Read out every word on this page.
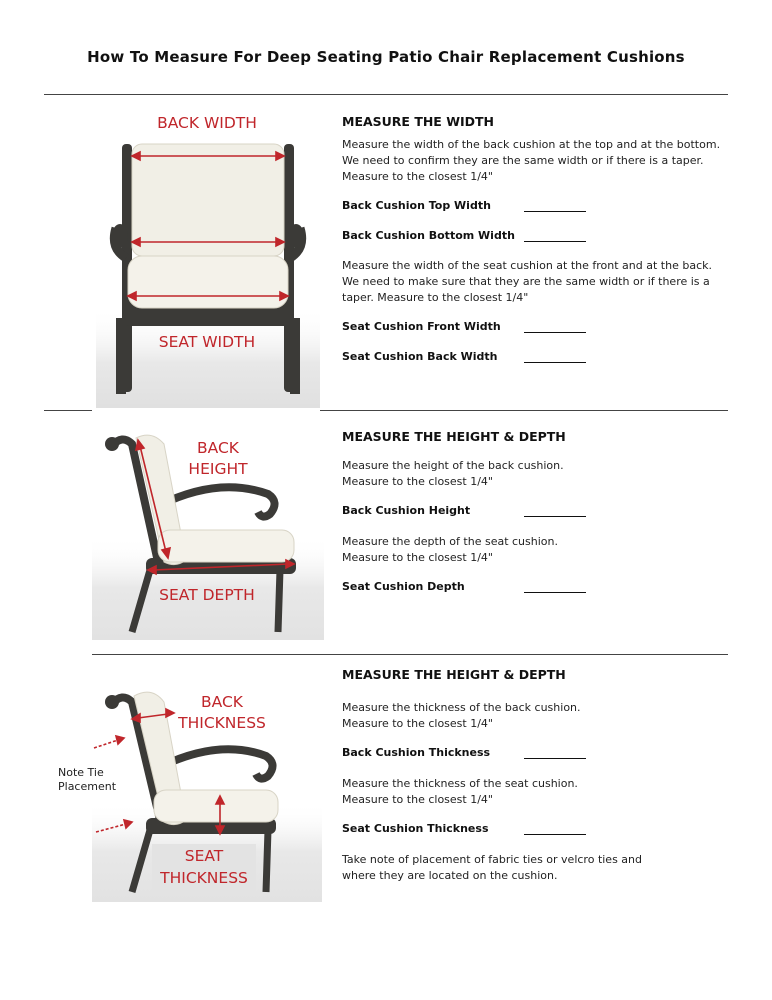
How To Measure For Deep Seating Patio Chair Replacement Cushions
BACK WIDTH
SEAT WIDTH
MEASURE THE WIDTH
Measure the width of the back cushion at the top and at the bottom. We need to confirm they are the same width or if there is a taper. Measure to the closest 1/4"
Back Cushion Top Width
Back Cushion Bottom Width
Measure the width of the seat cushion at the front and at the back. We need to make sure that they are the same width or if there is a taper. Measure to the closest 1/4"
Seat Cushion Front Width
Seat Cushion Back Width
BACK
HEIGHT
SEAT DEPTH
MEASURE THE HEIGHT & DEPTH
Measure the height of the back cushion. Measure to the closest 1/4"
Back Cushion Height
Measure the depth of the seat cushion. Measure to the closest 1/4"
Seat Cushion Depth
BACK
THICKNESS
SEAT
THICKNESS
Note Tie
Placement
MEASURE THE HEIGHT & DEPTH
Measure the thickness of the back cushion. Measure to the closest 1/4"
Back Cushion Thickness
Measure the thickness of the seat cushion. Measure to the closest 1/4"
Seat Cushion Thickness
Take note of placement of fabric ties or velcro ties and where they are located on the cushion.
